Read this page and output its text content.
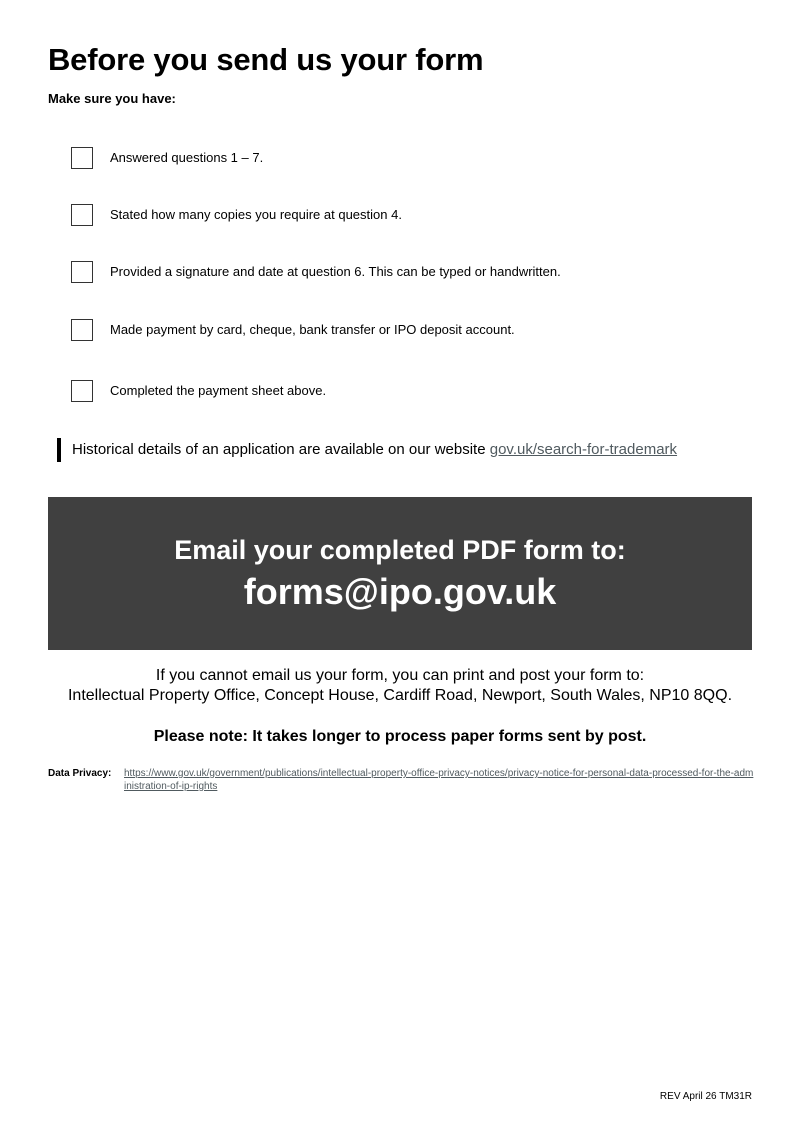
Before you send us your form
Make sure you have:
Answered questions 1 – 7.
Stated how many copies you require at question 4.
Provided a signature and date at question 6. This can be typed or handwritten.
Made payment by card, cheque, bank transfer or IPO deposit account.
Completed the payment sheet above.
Historical details of an application are available on our website gov.uk/search-for-trademark
Email your completed PDF form to:
forms@ipo.gov.uk
If you cannot email us your form, you can print and post your form to:
Intellectual Property Office, Concept House, Cardiff Road, Newport, South Wales, NP10 8QQ.
Please note: It takes longer to process paper forms sent by post.
Data Privacy: https://www.gov.uk/government/publications/intellectual-property-office-privacy-notices/privacy-notice-for-personal-data-processed-for-the-administration-of-ip-rights
REV April 26 TM31R
